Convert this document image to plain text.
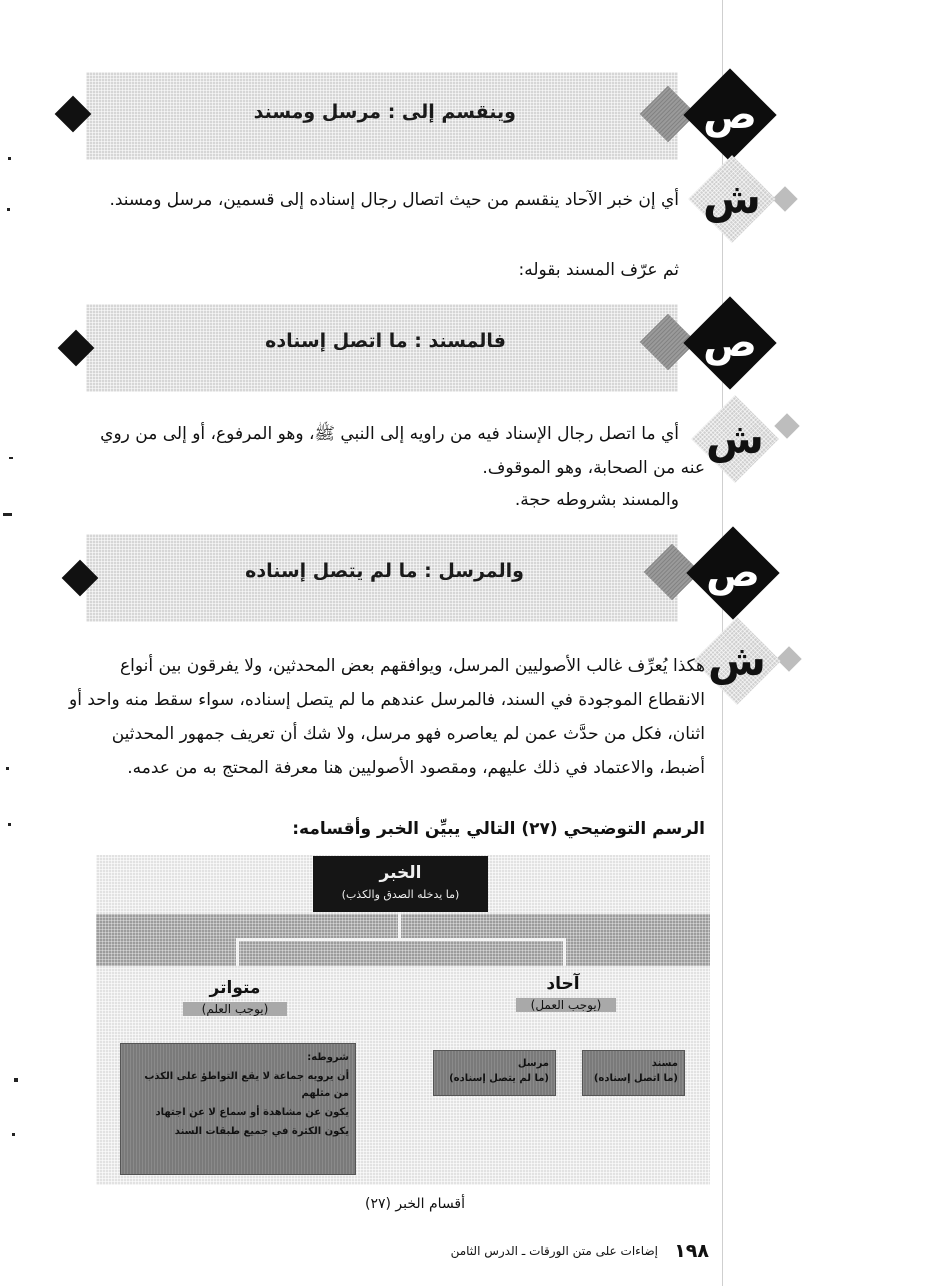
وينقسم إلى : مرسل ومسند	ص
ش
أي إن خبر الآحاد ينقسم من حيث اتصال رجال إسناده إلى قسمين، مرسل ومسند.
ثم عرّف المسند بقوله:
فالمسند : ما اتصل إسناده	ص
ش
أي ما اتصل رجال الإسناد فيه من راويه إلى النبي ﷺ، وهو المرفوع، أو إلى من روي
عنه من الصحابة، وهو الموقوف.
والمسند بشروطه حجة.
والمرسل : ما لم يتصل إسناده	ص
ش
هكذا يُعرِّف غالب الأصوليين المرسل، ويوافقهم بعض المحدثين، ولا يفرقون بين أنواع
الانقطاع الموجودة في السند، فالمرسل عندهم ما لم يتصل إسناده، سواء سقط منه واحد أو
اثنان، فكل من حدَّث عمن لم يعاصره فهو مرسل، ولا شك أن تعريف جمهور المحدثين
أضبط، والاعتماد في ذلك عليهم، ومقصود الأصوليين هنا معرفة المحتج به من عدمه.
الرسم التوضيحي (٢٧) التالي يبيِّن الخبر وأقسامه:
الخبر
(ما يدخله الصدق والكذب)
متواتر
(يوجب العلم)
آحاد
(يوجب العمل)
شروطه:
أن يرويه جماعة لا يقع التواطؤ على الكذب
من مثلهم
يكون عن مشاهدة أو سماع لا عن اجتهاد
يكون الكثرة في جميع طبقات السند
مرسل
(ما لم يتصل إسناده)
مسند
(ما اتصل إسناده)
أقسام الخبر (٢٧)
١٩٨
إضاءات على متن الورقات ـ الدرس الثامن
